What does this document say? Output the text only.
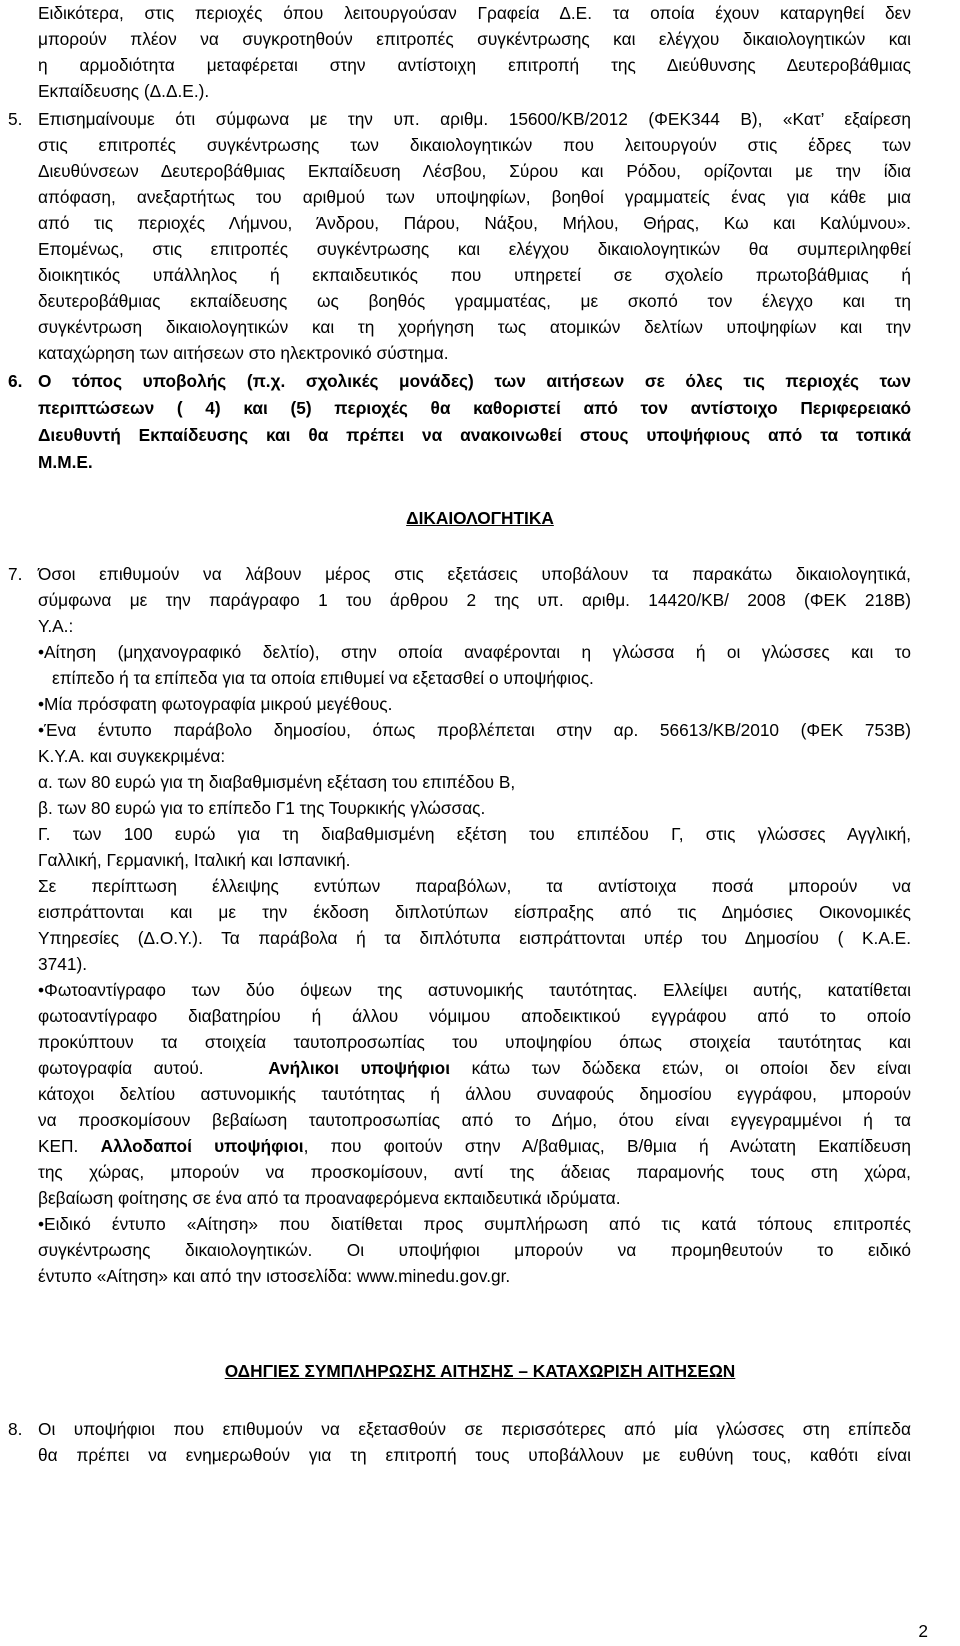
Ειδικότερα, στις περιοχές όπου λειτουργούσαν Γραφεία Δ.Ε. τα οποία έχουν καταργηθεί δεν
μπορούν πλέον να συγκροτηθούν επιτροπές συγκέντρωσης και ελέγχου δικαιολογητικών και
η αρμοδιότητα μεταφέρεται στην αντίστοιχη επιτροπή της Διεύθυνσης Δευτεροβάθμιας
Εκπαίδευσης (Δ.Δ.Ε.).
5. Επισημαίνουμε ότι σύμφωνα με την υπ. αριθμ. 15600/ΚΒ/2012 (ΦΕΚ344 Β), «Κατ’ εξαίρεση
στις επιτροπές συγκέντρωσης των δικαιολογητικών που λειτουργούν στις έδρες των
Διευθύνσεων Δευτεροβάθμιας Εκπαίδευση Λέσβου, Σύρου και Ρόδου, ορίζονται με την ίδια
απόφαση, ανεξαρτήτως του αριθμού των υποψηφίων, βοηθοί γραμματείς ένας για κάθε μια
από τις περιοχές Λήμνου, Άνδρου, Πάρου, Νάξου, Μήλου, Θήρας, Κω και Καλύμνου».
Επομένως, στις επιτροπές συγκέντρωσης και ελέγχου δικαιολογητικών θα συμπεριληφθεί
διοικητικός υπάλληλος ή εκπαιδευτικός που υπηρετεί σε σχολείο πρωτοβάθμιας ή
δευτεροβάθμιας εκπαίδευσης ως βοηθός γραμματέας, με σκοπό τον έλεγχο και τη
συγκέντρωση δικαιολογητικών και τη χορήγηση τως ατομικών δελτίων υποψηφίων και την
καταχώρηση των αιτήσεων στο ηλεκτρονικό σύστημα.
6. Ο τόπος υποβολής (π.χ. σχολικές μονάδες) των αιτήσεων σε όλες τις περιοχές των
περιπτώσεων ( 4) και (5) περιοχές θα καθοριστεί από τον αντίστοιχο Περιφερειακό
Διευθυντή Εκπαίδευσης και θα πρέπει να ανακοινωθεί στους υποψήφιους από τα τοπικά
Μ.Μ.Ε.
ΔΙΚΑΙΟΛΟΓΗΤΙΚΑ
7. Όσοι επιθυμούν να λάβουν μέρος στις εξετάσεις υποβάλουν τα παρακάτω δικαιολογητικά,
σύμφωνα με την παράγραφο 1 του άρθρου 2 της υπ. αριθμ. 14420/ΚΒ/ 2008 (ΦΕΚ 218Β)
Υ.Α.:
•Αίτηση (μηχανογραφικό δελτίο), στην οποία αναφέρονται η γλώσσα ή οι γλώσσες και το
επίπεδο ή τα επίπεδα για τα οποία επιθυμεί να εξετασθεί ο υποψήφιος.
•Μία πρόσφατη φωτογραφία μικρού μεγέθους.
•Ένα έντυπο παράβολο δημοσίου, όπως προβλέπεται στην αρ. 56613/ΚΒ/2010 (ΦΕΚ 753Β)
Κ.Υ.Α. και συγκεκριμένα:
α. των 80 ευρώ για τη διαβαθμισμένη εξέταση του επιπέδου Β,
β. των 80 ευρώ για το επίπεδο Γ1 της Τουρκικής γλώσσας.
Γ. των 100 ευρώ για τη διαβαθμισμένη εξέτση του επιπέδου Γ, στις γλώσσες Αγγλική,
Γαλλική, Γερμανική, Ιταλική και Ισπανική.
Σε περίπτωση έλλειψης εντύπων παραβόλων, τα αντίστοιχα ποσά μπορούν να
εισπράττονται και με την έκδοση διπλοτύπων είσπραξης από τις Δημόσιες Οικονομικές
Υπηρεσίες (Δ.Ο.Υ.). Τα παράβολα ή τα διπλότυπα εισπράττονται υπέρ του Δημοσίου ( Κ.Α.Ε.
3741).
•Φωτοαντίγραφο των δύο όψεων της αστυνομικής ταυτότητας. Ελλείψει αυτής, κατατίθεται
φωτοαντίγραφο διαβατηρίου ή άλλου νόμιμου αποδεικτικού εγγράφου από το οποίο
προκύπτουν τα στοιχεία ταυτοπροσωπίας του υποψηφίου όπως στοιχεία ταυτότητας και
φωτογραφία αυτού.	Ανήλικοι υποψήφιοι κάτω των δώδεκα ετών, οι οποίοι δεν είναι
κάτοχοι δελτίου αστυνομικής ταυτότητας ή άλλου συναφούς δημοσίου εγγράφου, μπορούν
να προσκομίσουν βεβαίωση ταυτοπροσωπίας από το Δήμο, ότου είναι εγγεγραμμένοι ή τα
ΚΕΠ. Αλλοδαποί υποψήφιοι, που φοιτούν στην Α/βαθμιας, Β/θμια ή Ανώτατη Εκαπίδευση
της χώρας, μπορούν να προσκομίσουν, αντί της άδειας παραμονής τους στη χώρα,
βεβαίωση φοίτησης σε ένα από τα προαναφερόμενα εκπαιδευτικά ιδρύματα.
•Ειδικό έντυπο «Αίτηση» που διατίθεται προς συμπλήρωση από τις κατά τόπους επιτροπές
συγκέντρωσης δικαιολογητικών. Οι υποψήφιοι μπορούν να προμηθευτούν το ειδικό
έντυπο «Αίτηση» και από την ιστοσελίδα: www.minedu.gov.gr.
ΟΔΗΓΙΕΣ ΣΥΜΠΛΗΡΩΣΗΣ ΑΙΤΗΣΗΣ – ΚΑΤΑΧΩΡΙΣΗ ΑΙΤΗΣΕΩΝ
8. Οι υποψήφιοι που επιθυμούν να εξετασθούν σε περισσότερες από μία γλώσσες στη επίπεδα
θα πρέπει να ενημερωθούν για τη επιτροπή τους υποβάλλουν με ευθύνη τους, καθότι είναι
2
